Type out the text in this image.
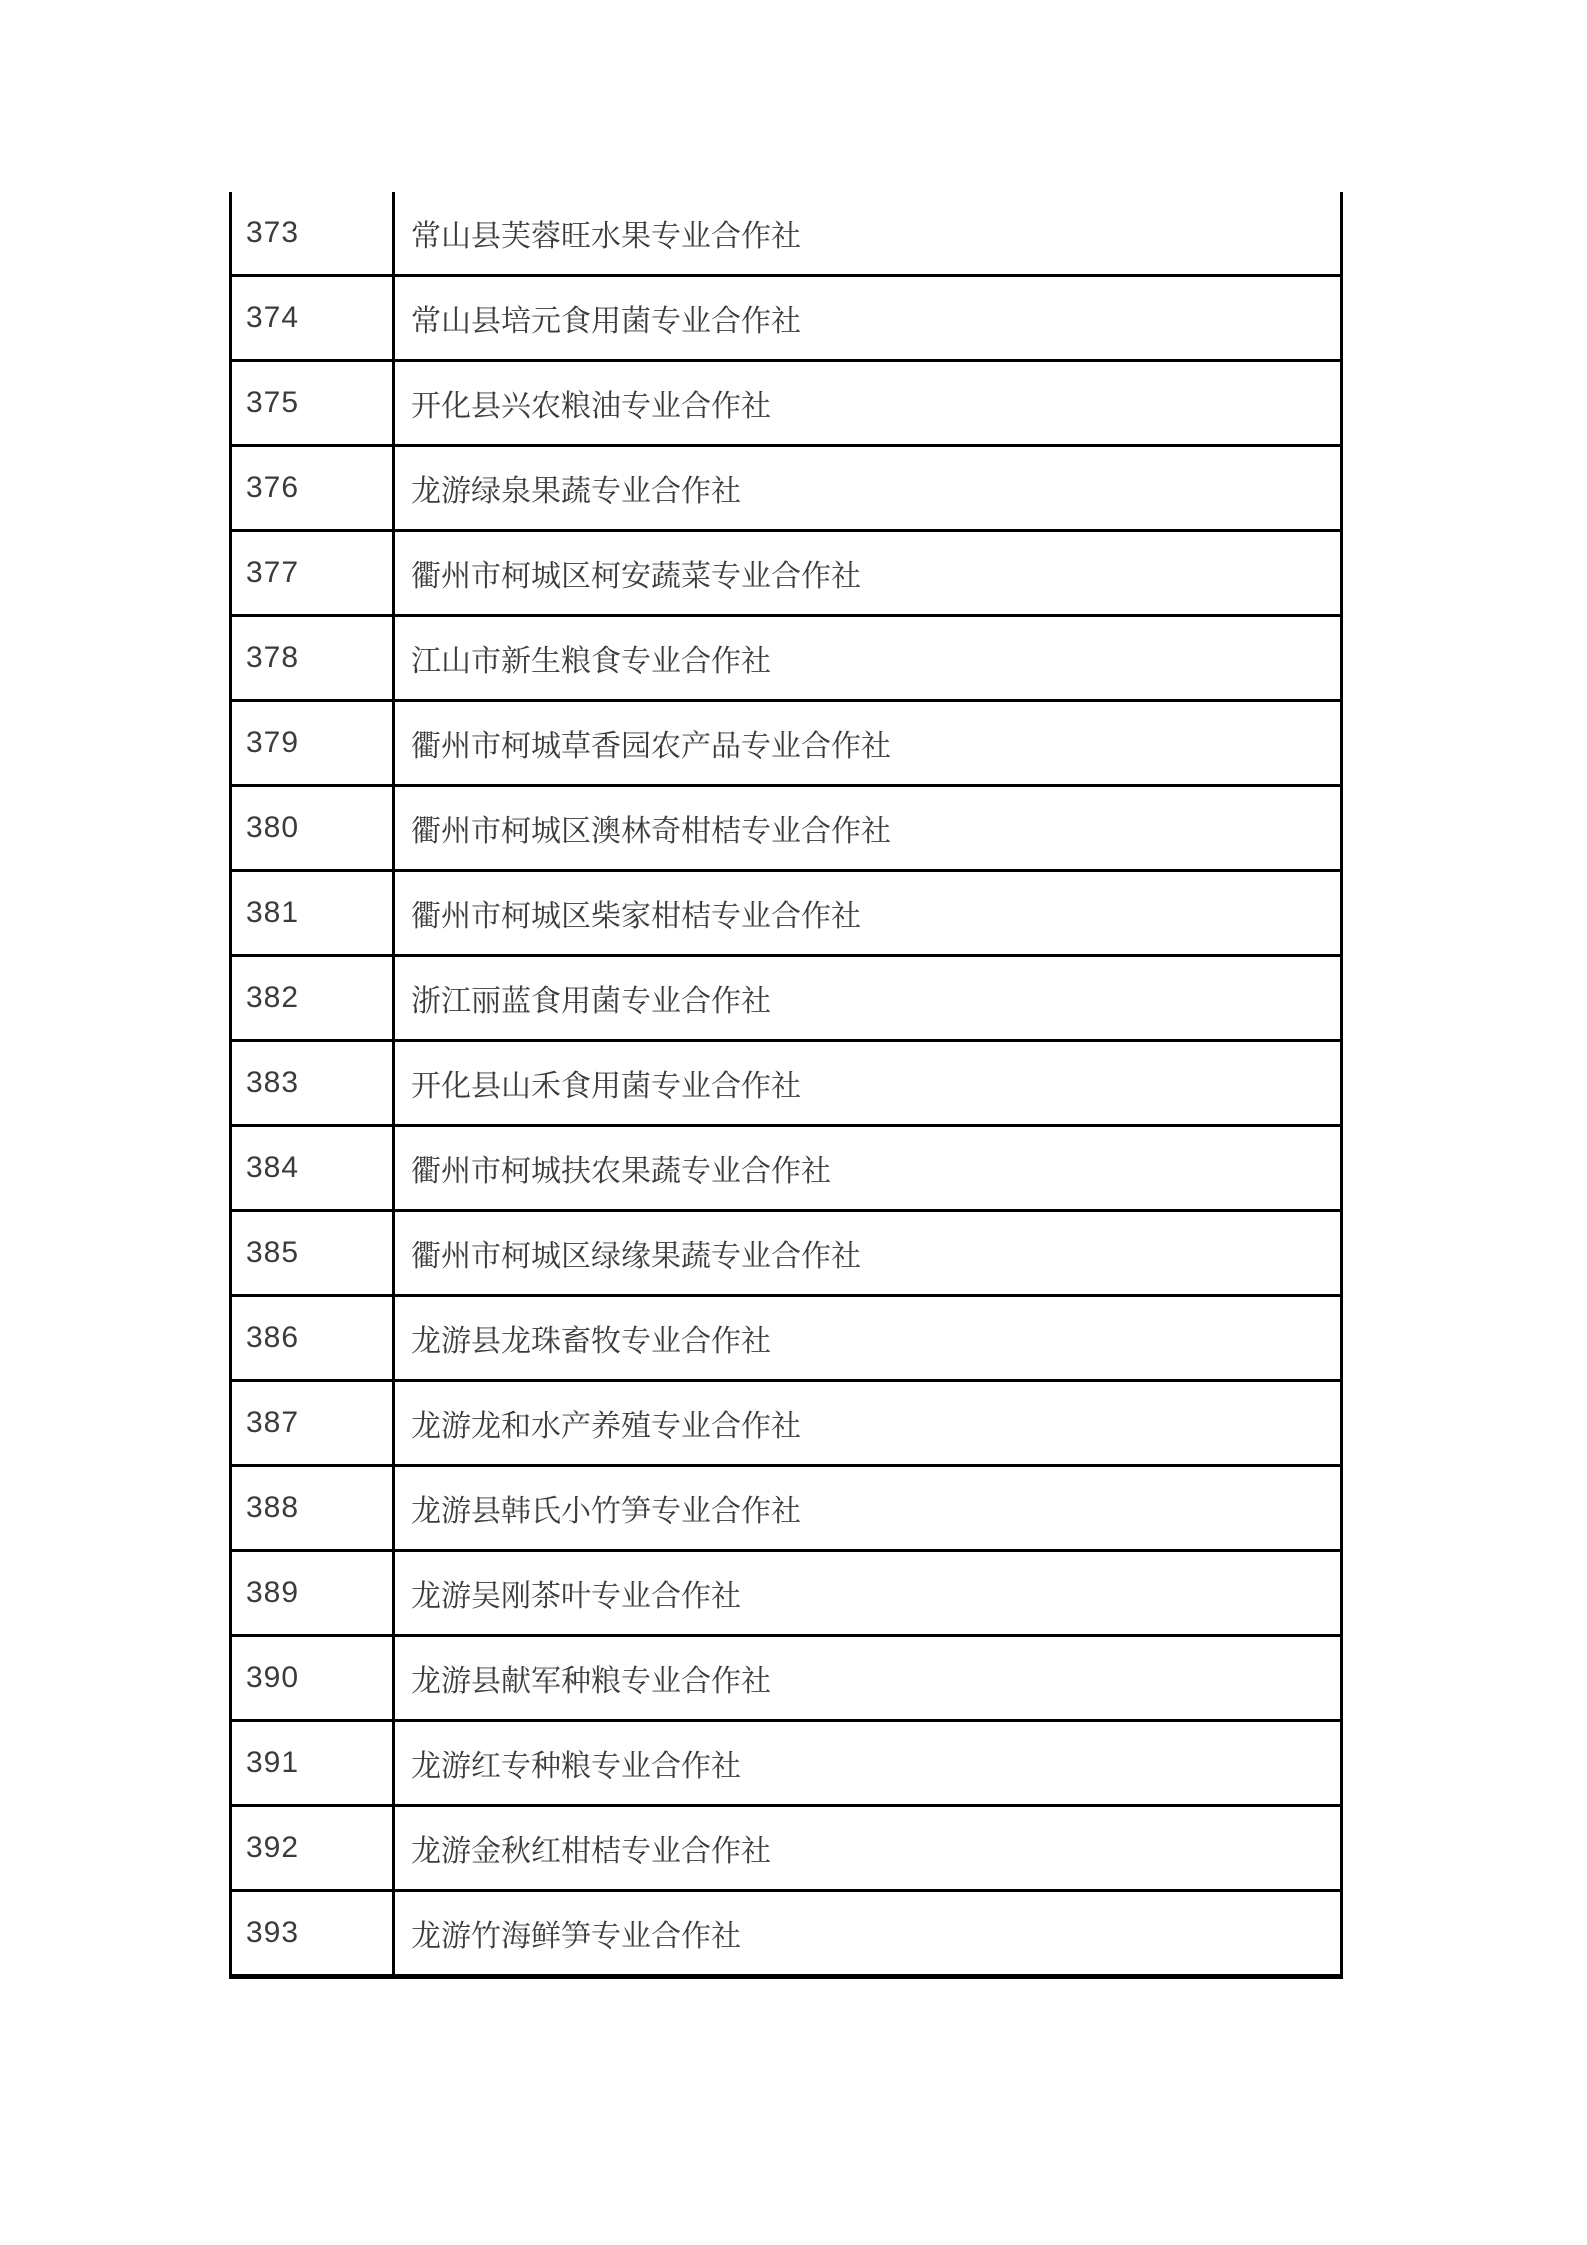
373	常山县芙蓉旺水果专业合作社
374	常山县培元食用菌专业合作社
375	开化县兴农粮油专业合作社
376	龙游绿泉果蔬专业合作社
377	衢州市柯城区柯安蔬菜专业合作社
378	江山市新生粮食专业合作社
379	衢州市柯城草香园农产品专业合作社
380	衢州市柯城区澳林奇柑桔专业合作社
381	衢州市柯城区柴家柑桔专业合作社
382	浙江丽蓝食用菌专业合作社
383	开化县山禾食用菌专业合作社
384	衢州市柯城扶农果蔬专业合作社
385	衢州市柯城区绿缘果蔬专业合作社
386	龙游县龙珠畜牧专业合作社
387	龙游龙和水产养殖专业合作社
388	龙游县韩氏小竹笋专业合作社
389	龙游吴刚茶叶专业合作社
390	龙游县献军种粮专业合作社
391	龙游红专种粮专业合作社
392	龙游金秋红柑桔专业合作社
393	龙游竹海鲜笋专业合作社
